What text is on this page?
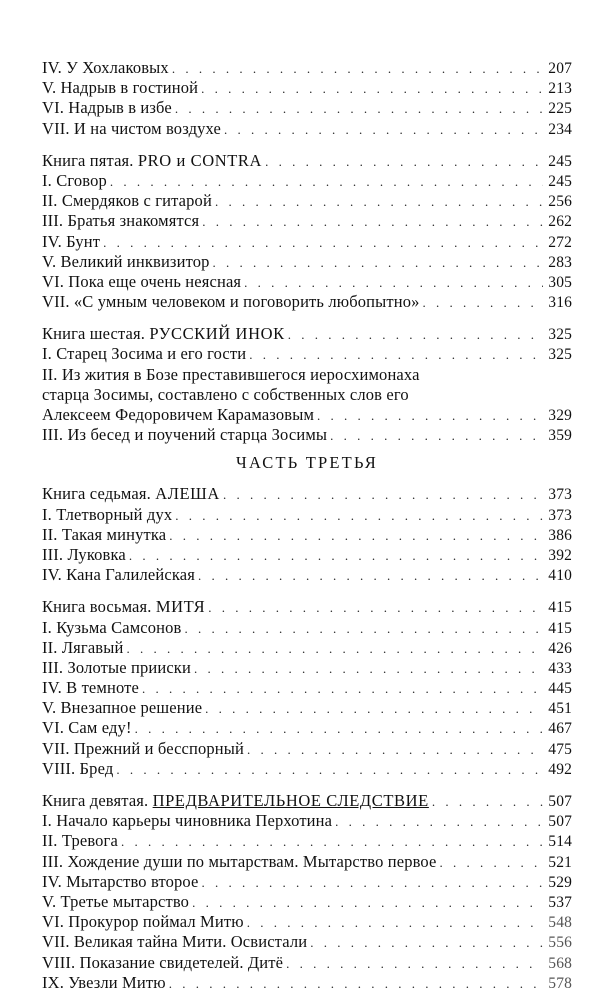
IV. У Хохлаковых . . .	207
V. Надрыв в гостиной . . .	213
VI. Надрыв в избе . . .	225
VII. И на чистом воздухе . . .	234
Книга пятая. PRO и CONTRA . . .	245
I. Сговор . . .	245
II. Смердяков с гитарой . . .	256
III. Братья знакомятся . . .	262
IV. Бунт . . .	272
V. Великий инквизитор . . .	283
VI. Пока еще очень неясная . . .	305
VII. «С умным человеком и поговорить любопытно» . . .	316
Книга шестая. РУССКИЙ ИНОК . . .	325
I. Старец Зосима и его гости . . .	325
II. Из жития в Бозе преставившегося иеросхимонаха
старца Зосимы, составлено с собственных слов его
Алексеем Федоровичем Карамазовым . . .	329
III. Из бесед и поучений старца Зосимы . . .	359
ЧАСТЬ ТРЕТЬЯ
Книга седьмая. АЛЕША . . .	373
I. Тлетворный дух . . .	373
II. Такая минутка . . .	386
III. Луковка . . .	392
IV. Кана Галилейская . . .	410
Книга восьмая. МИТЯ . . .	415
I. Кузьма Самсонов . . .	415
II. Лягавый . . .	426
III. Золотые прииски . . .	433
IV. В темноте . . .	445
V. Внезапное решение . . .	451
VI. Сам еду! . . .	467
VII. Прежний и бесспорный . . .	475
VIII. Бред . . .	492
Книга девятая. ПРЕДВАРИТЕЛЬНОЕ СЛЕДСТВИЕ . . .	507
I. Начало карьеры чиновника Перхотина . . .	507
II. Тревога . . .	514
III. Хождение души по мытарствам. Мытарство первое . . .	521
IV. Мытарство второе . . .	529
V. Третье мытарство . . .	537
VI. Прокурор поймал Митю . . .	548
VII. Великая тайна Мити. Освистали . . .	556
VIII. Показание свидетелей. Дитё . . .	568
IX. Увезли Митю . . .	578
